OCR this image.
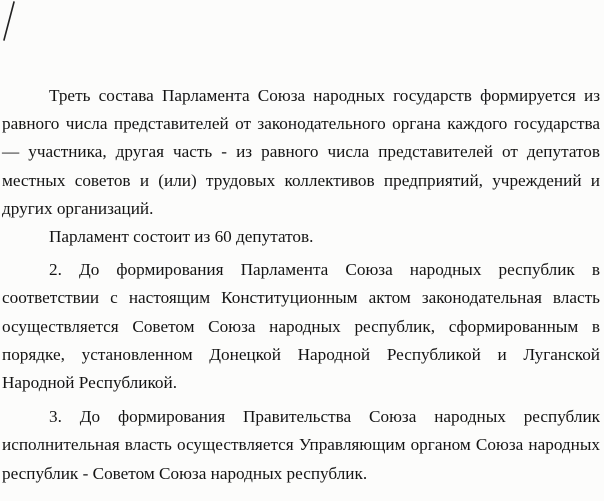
Треть состава Парламента Союза народных государств формируется из равного числа представителей от законодательного органа каждого государства — участника, другая часть - из равного числа представителей от депутатов местных советов и (или) трудовых коллективов предприятий, учреждений и других организаций.

Парламент состоит из 60 депутатов.

2. До формирования Парламента Союза народных республик в соответствии с настоящим Конституционным актом законодательная власть осуществляется Советом Союза народных республик, сформированным в порядке, установленном Донецкой Народной Республикой и Луганской Народной Республикой.

3. До формирования Правительства Союза народных республик исполнительная власть осуществляется Управляющим органом Союза народных республик - Советом Союза народных республик.
